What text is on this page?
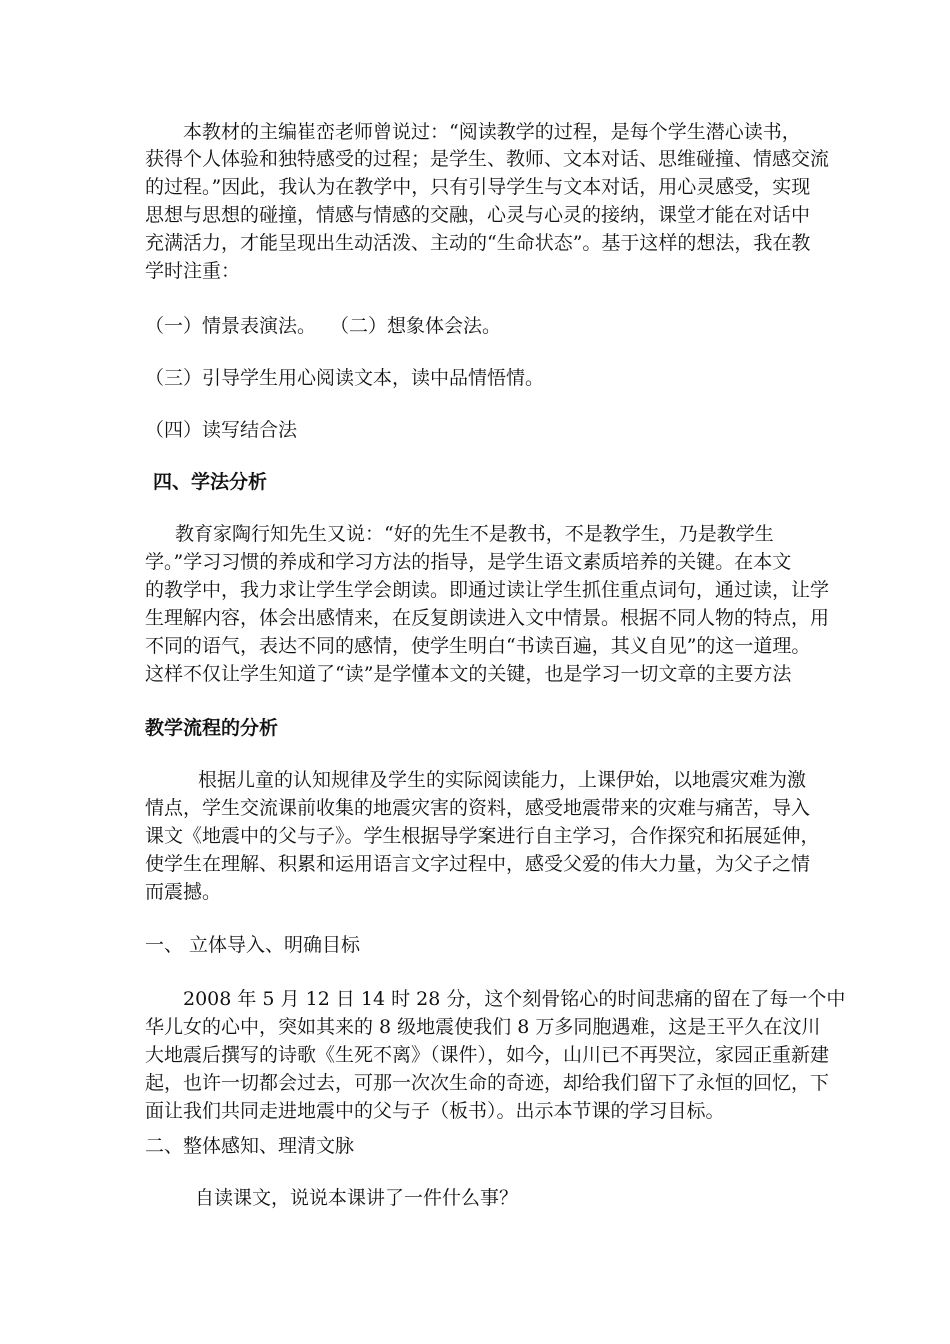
本教材的主编崔峦老师曾说过：“阅读教学的过程，是每个学生潜心读书，
获得个人体验和独特感受的过程；是学生、教师、文本对话、思维碰撞、情感交流
的过程。”因此，我认为在教学中，只有引导学生与文本对话，用心灵感受，实现
思想与思想的碰撞，情感与情感的交融，心灵与心灵的接纳，课堂才能在对话中
充满活力，才能呈现出生动活泼、主动的“生命状态”。基于这样的想法，我在教
学时注重：
（一）情景表演法。 （二）想象体会法。
（三）引导学生用心阅读文本，读中品情悟情。
（四）读写结合法
四、学法分析
教育家陶行知先生又说：“好的先生不是教书，不是教学生，乃是教学生
学。”学习习惯的养成和学习方法的指导，是学生语文素质培养的关键。在本文
的教学中，我力求让学生学会朗读。即通过读让学生抓住重点词句，通过读，让学
生理解内容，体会出感情来，在反复朗读进入文中情景。根据不同人物的特点，用
不同的语气，表达不同的感情，使学生明白“书读百遍，其义自见”的这一道理。
这样不仅让学生知道了“读”是学懂本文的关键，也是学习一切文章的主要方法
教学流程的分析
根据儿童的认知规律及学生的实际阅读能力，上课伊始，以地震灾难为激
情点，学生交流课前收集的地震灾害的资料，感受地震带来的灾难与痛苦，导入
课文《地震中的父与子》。学生根据导学案进行自主学习，合作探究和拓展延伸，
使学生在理解、积累和运用语言文字过程中，感受父爱的伟大力量，为父子之情
而震撼。
一、 立体导入、明确目标
2008 年 5 月 12 日 14 时 28 分，这个刻骨铭心的时间悲痛的留在了每一个中
华儿女的心中，突如其来的 8 级地震使我们 8 万多同胞遇难，这是王平久在汶川
大地震后撰写的诗歌《生死不离》（课件），如今，山川已不再哭泣，家园正重新建
起，也许一切都会过去，可那一次次生命的奇迹，却给我们留下了永恒的回忆，下
面让我们共同走进地震中的父与子（板书）。出示本节课的学习目标。
二、整体感知、理清文脉
自读课文，说说本课讲了一件什么事？
